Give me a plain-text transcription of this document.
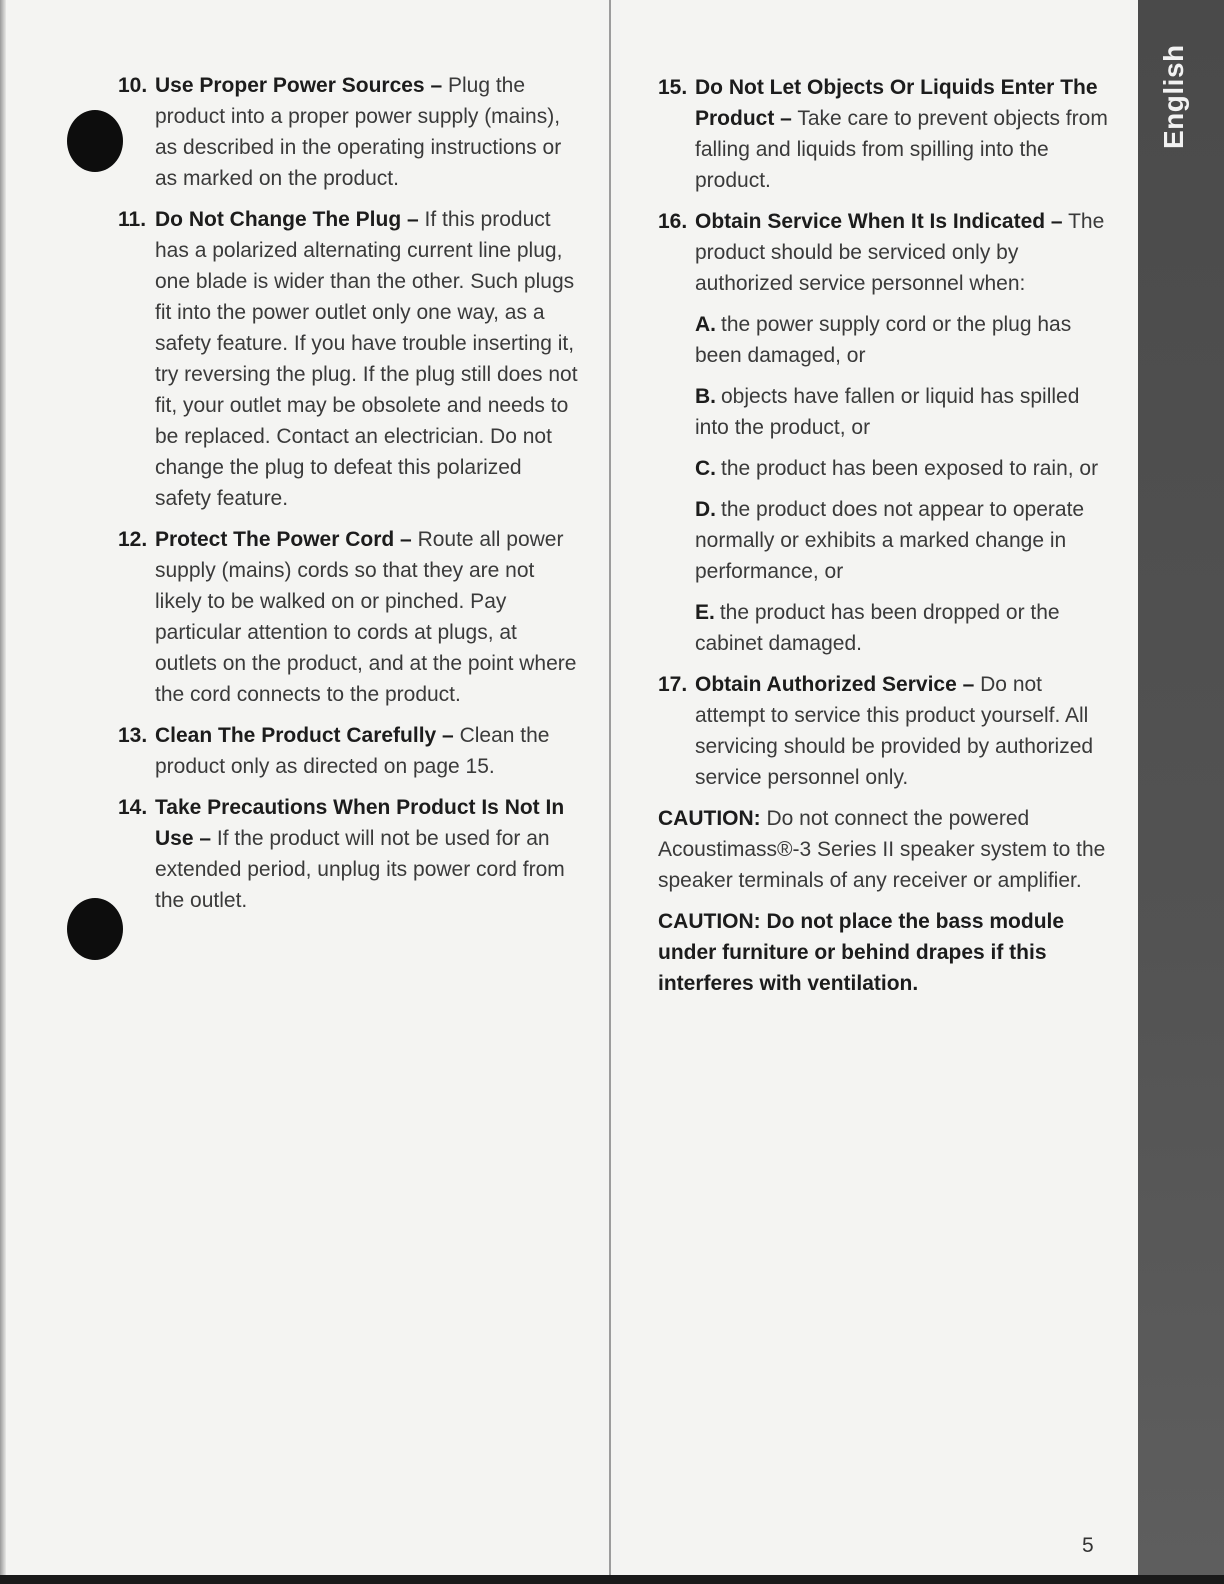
English
10. Use Proper Power Sources – Plug the product into a proper power supply (mains), as described in the operating instructions or as marked on the product.
11. Do Not Change The Plug – If this product has a polarized alternating current line plug, one blade is wider than the other. Such plugs fit into the power outlet only one way, as a safety feature. If you have trouble inserting it, try reversing the plug. If the plug still does not fit, your outlet may be obsolete and needs to be replaced. Contact an electrician. Do not change the plug to defeat this polarized safety feature.
12. Protect The Power Cord – Route all power supply (mains) cords so that they are not likely to be walked on or pinched. Pay particular attention to cords at plugs, at outlets on the product, and at the point where the cord connects to the product.
13. Clean The Product Carefully – Clean the product only as directed on page 15.
14. Take Precautions When Product Is Not In Use – If the product will not be used for an extended period, unplug its power cord from the outlet.
15. Do Not Let Objects Or Liquids Enter The Product – Take care to prevent objects from falling and liquids from spilling into the product.
16. Obtain Service When It Is Indicated – The product should be serviced only by authorized service personnel when:
A. the power supply cord or the plug has been damaged, or
B. objects have fallen or liquid has spilled into the product, or
C. the product has been exposed to rain, or
D. the product does not appear to operate normally or exhibits a marked change in performance, or
E. the product has been dropped or the cabinet damaged.
17. Obtain Authorized Service – Do not attempt to service this product yourself. All servicing should be provided by authorized service personnel only.
CAUTION: Do not connect the powered Acoustimass®-3 Series II speaker system to the speaker terminals of any receiver or amplifier.
CAUTION: Do not place the bass module under furniture or behind drapes if this interferes with ventilation.
5
